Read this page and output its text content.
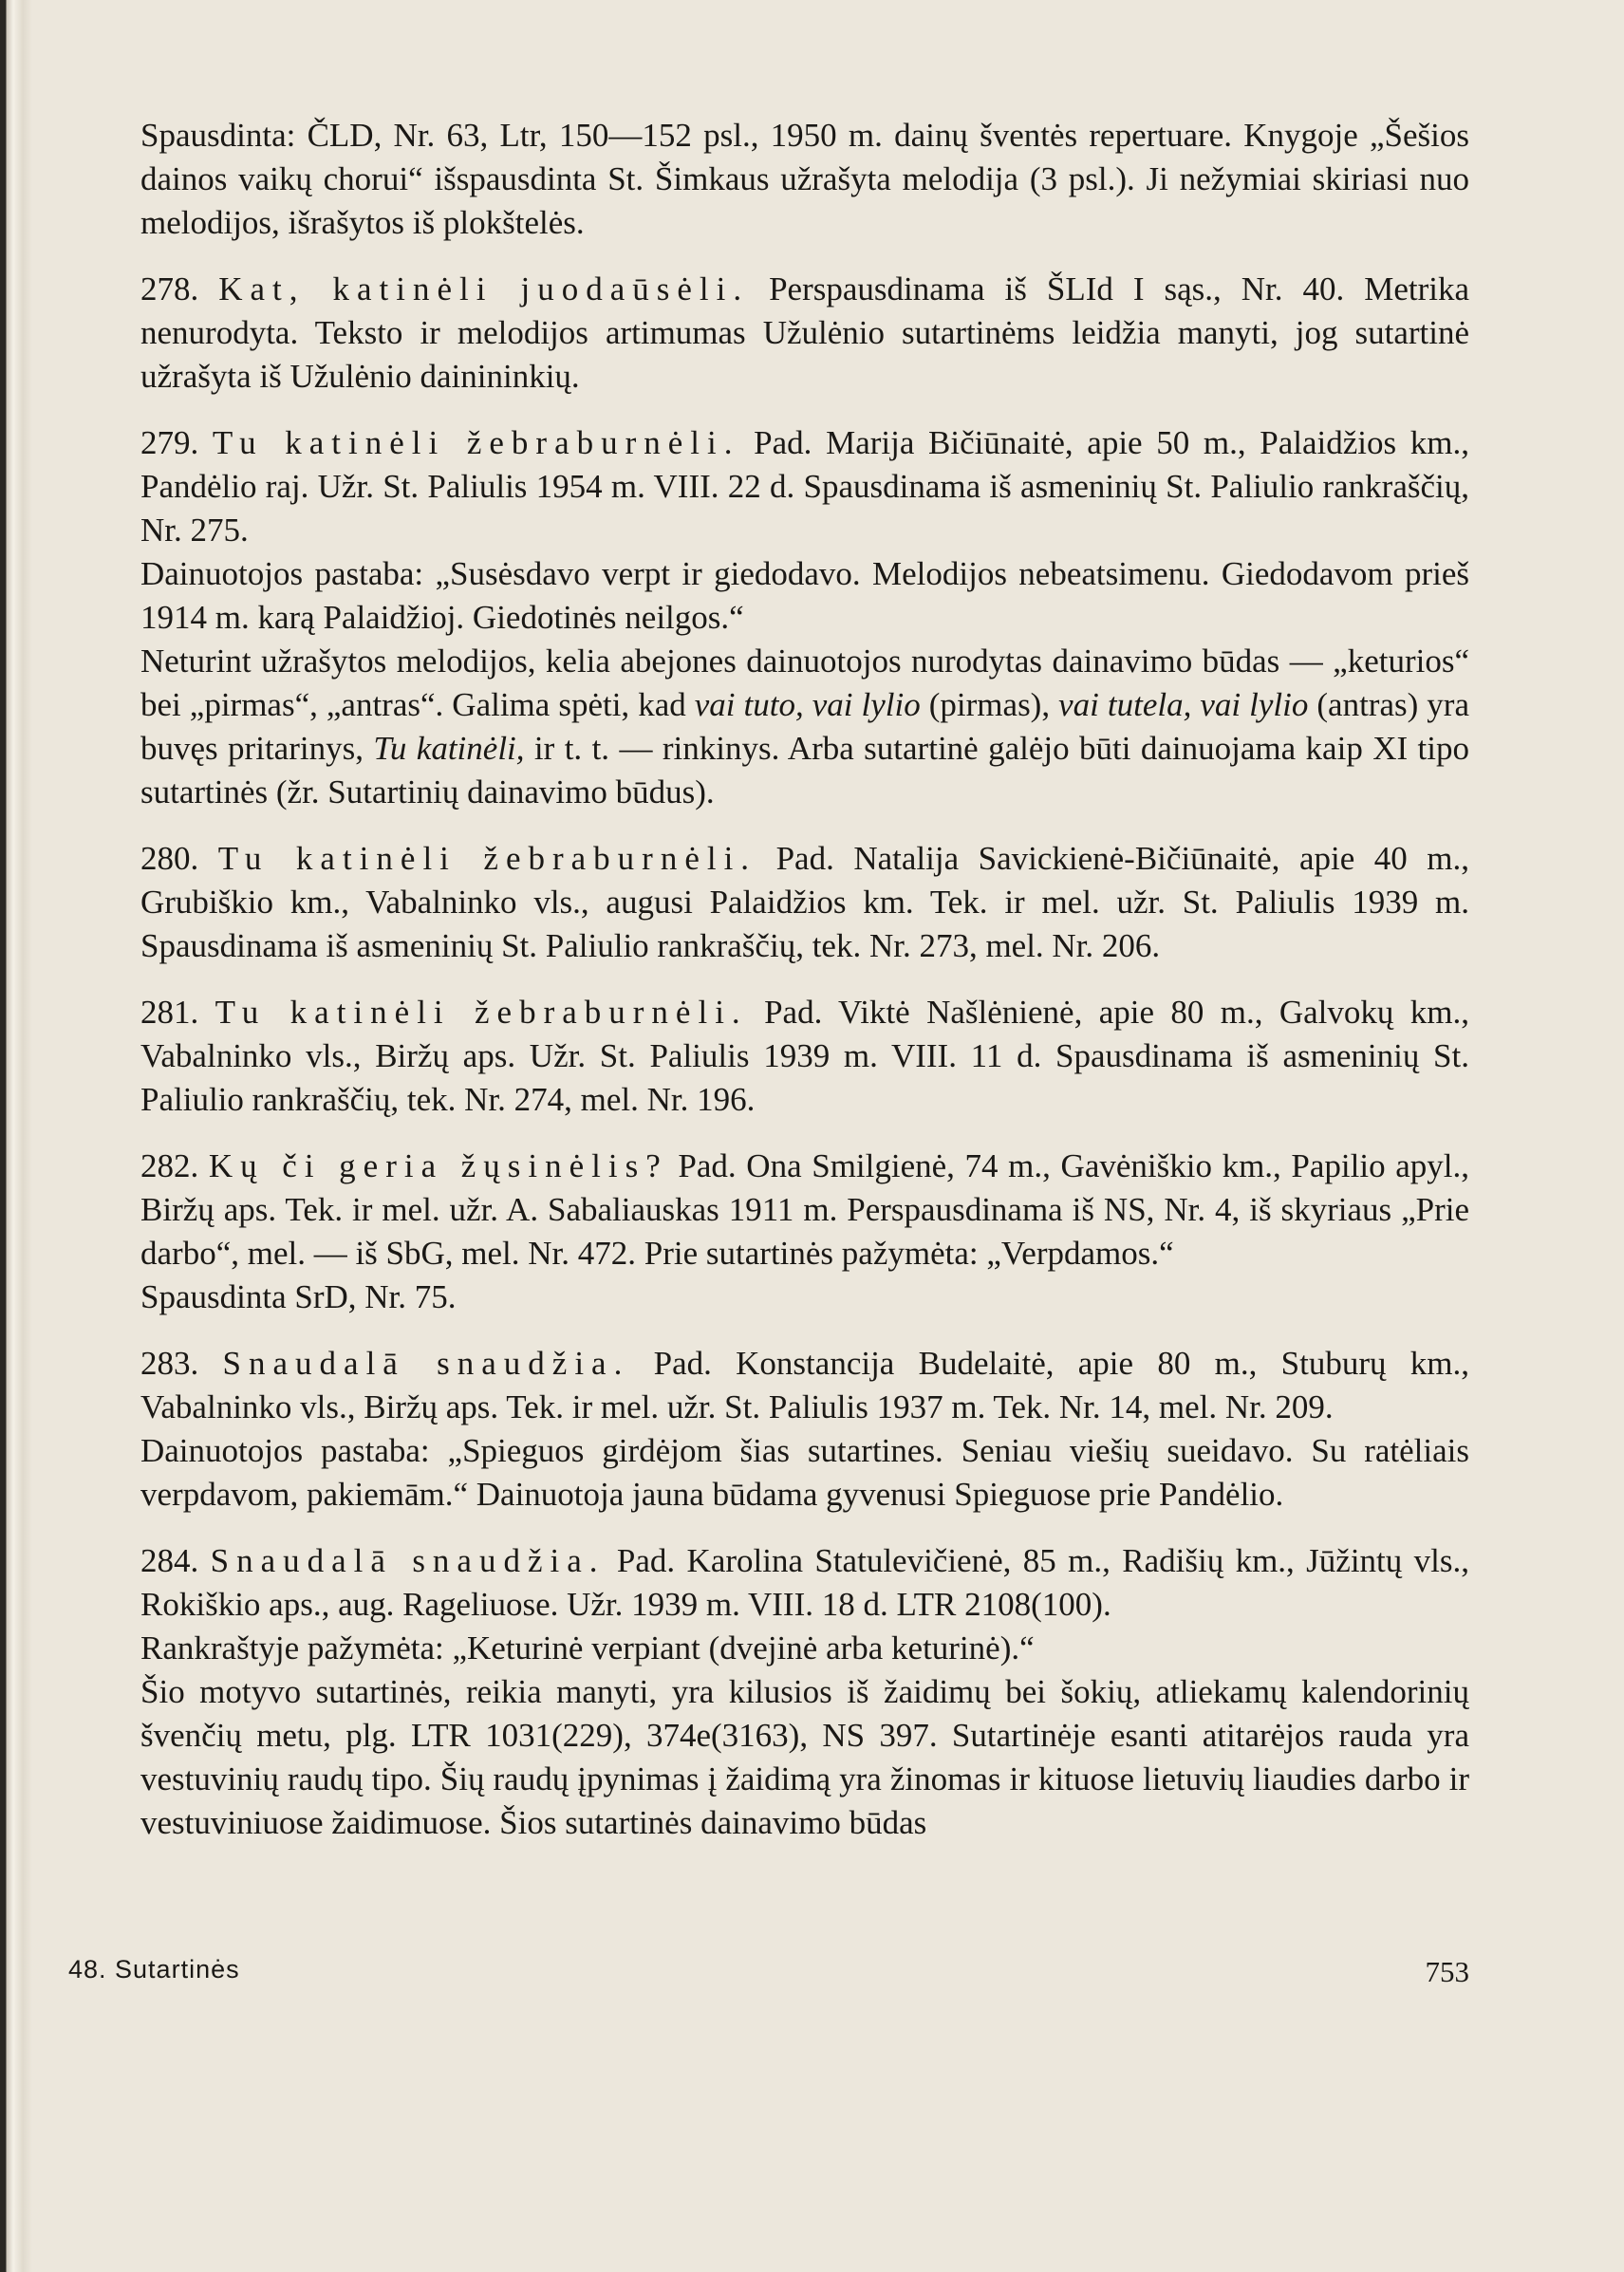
Spausdinta: ČLD, Nr. 63, Ltr, 150—152 psl., 1950 m. dainų šventės repertuare. Knygoje „Šešios dainos vaikų chorui“ išspausdinta St. Šimkaus užrašyta melodija (3 psl.). Ji nežymiai skiriasi nuo melodijos, išrašytos iš plokštelės.

278. Kat, katinėli juodaūsėli. Perspausdinama iš ŠLId I sąs., Nr. 40. Metrika nenurodyta. Teksto ir melodijos artimumas Užulėnio sutartinėms leidžia manyti, jog sutartinė užrašyta iš Užulėnio dainininkių.

279. Tu katinėli žebraburnėli. Pad. Marija Bičiūnaitė, apie 50 m., Palaidžios km., Pandėlio raj. Užr. St. Paliulis 1954 m. VIII. 22 d. Spausdinama iš asmeninių St. Paliulio rankraščių, Nr. 275.

Dainuotojos pastaba: „Susėsdavo verpt ir giedodavo. Melodijos nebeatsimenu. Giedodavom prieš 1914 m. karą Palaidžioj. Giedotinės neilgos.“

Neturint užrašytos melodijos, kelia abejones dainuotojos nurodytas dainavimo būdas — „keturios“ bei „pirmas“, „antras“. Galima spėti, kad vai tuto, vai lylio (pirmas), vai tutela, vai lylio (antras) yra buvęs pritarinys, Tu katinėli, ir t. t. — rinkinys. Arba sutartinė galėjo būti dainuojama kaip XI tipo sutartinės (žr. Sutartinių dainavimo būdus).

280. Tu katinėli žebraburnėli. Pad. Natalija Savickienė-Bičiūnaitė, apie 40 m., Grubiškio km., Vabalninko vls., augusi Palaidžios km. Tek. ir mel. užr. St. Paliulis 1939 m. Spausdinama iš asmeninių St. Paliulio rankraščių, tek. Nr. 273, mel. Nr. 206.

281. Tu katinėli žebraburnėli. Pad. Viktė Našlėnienė, apie 80 m., Galvokų km., Vabalninko vls., Biržų aps. Užr. St. Paliulis 1939 m. VIII. 11 d. Spausdinama iš asmeninių St. Paliulio rankraščių, tek. Nr. 274, mel. Nr. 196.

282. Kų či geria žųsinėlis? Pad. Ona Smilgienė, 74 m., Gavėniškio km., Papilio apyl., Biržų aps. Tek. ir mel. užr. A. Sabaliauskas 1911 m. Perspausdinama iš NS, Nr. 4, iš skyriaus „Prie darbo“, mel. — iš SbG, mel. Nr. 472. Prie sutartinės pažymėta: „Verpdamos.“

Spausdinta SrD, Nr. 75.

283. Snaudalā snaudžia. Pad. Konstancija Budelaitė, apie 80 m., Stuburų km., Vabalninko vls., Biržų aps. Tek. ir mel. užr. St. Paliulis 1937 m. Tek. Nr. 14, mel. Nr. 209.

Dainuotojos pastaba: „Spieguos girdėjom šias sutartines. Seniau viešių sueidavo. Su ratėliais verpdavom, pakiemām.“ Dainuotoja jauna būdama gyvenusi Spieguose prie Pandėlio.

284. Snaudalā snaudžia. Pad. Karolina Statulevičienė, 85 m., Radišių km., Jūžintų vls., Rokiškio aps., aug. Rageliuose. Užr. 1939 m. VIII. 18 d. LTR 2108(100).

Rankraštyje pažymėta: „Keturinė verpiant (dvejinė arba keturinė).“

Šio motyvo sutartinės, reikia manyti, yra kilusios iš žaidimų bei šokių, atliekamų kalendorinių švenčių metu, plg. LTR 1031(229), 374e(3163), NS 397. Sutartinėje esanti atitarėjos rauda yra vestuvinių raudų tipo. Šių raudų įpynimas į žaidimą yra žinomas ir kituose lietuvių liaudies darbo ir vestuviniuose žaidimuose. Šios sutartinės dainavimo būdas

48. Sutartinės	753
